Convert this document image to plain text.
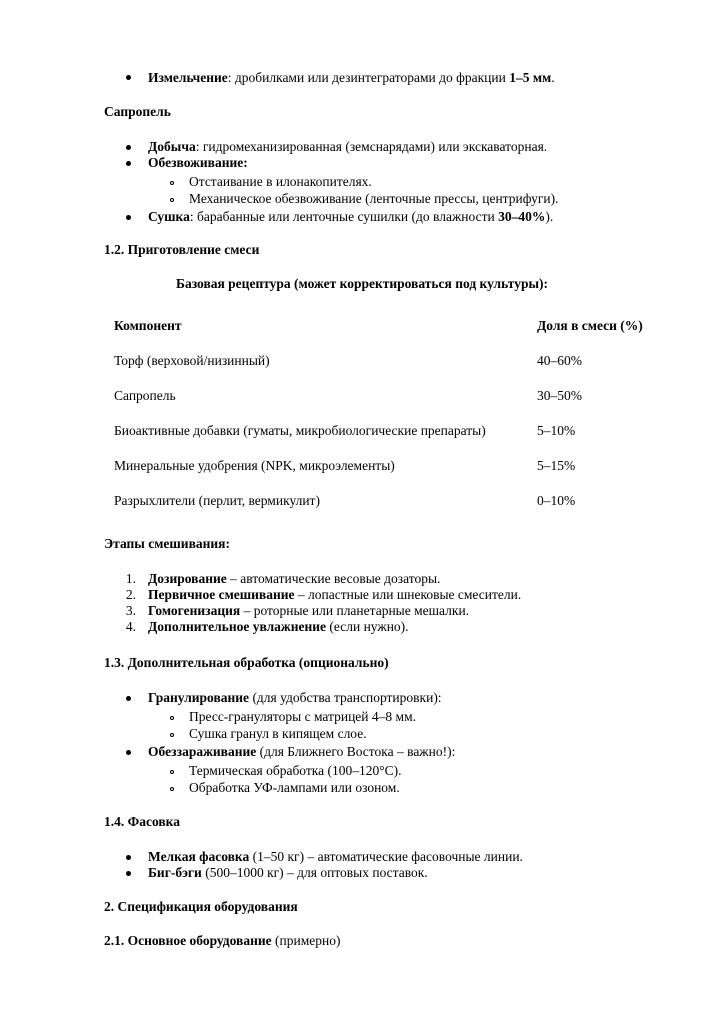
Измельчение: дробилками или дезинтеграторами до фракции 1–5 мм.
Сапропель
Добыча: гидромеханизированная (земснарядами) или экскаваторная.
Обезвоживание:
Отстаивание в илонакопителях.
Механическое обезвоживание (ленточные прессы, центрифуги).
Сушка: барабанные или ленточные сушилки (до влажности 30–40%).
1.2. Приготовление смеси
Базовая рецептура (может корректироваться под культуры):
Компонент	Доля в смеси (%)
Торф (верховой/низинный)	40–60%
Сапропель	30–50%
Биоактивные добавки (гуматы, микробиологические препараты)	5–10%
Минеральные удобрения (NPK, микроэлементы)	5–15%
Разрыхлители (перлит, вермикулит)	0–10%
Этапы смешивания:
1. Дозирование – автоматические весовые дозаторы.
2. Первичное смешивание – лопастные или шнековые смесители.
3. Гомогенизация – роторные или планетарные мешалки.
4. Дополнительное увлажнение (если нужно).
1.3. Дополнительная обработка (опционально)
Гранулирование (для удобства транспортировки):
Пресс-грануляторы с матрицей 4–8 мм.
Сушка гранул в кипящем слое.
Обеззараживание (для Ближнего Востока – важно!):
Термическая обработка (100–120°C).
Обработка УФ-лампами или озоном.
1.4. Фасовка
Мелкая фасовка (1–50 кг) – автоматические фасовочные линии.
Биг-бэги (500–1000 кг) – для оптовых поставок.
2. Спецификация оборудования
2.1. Основное оборудование (примерно)
